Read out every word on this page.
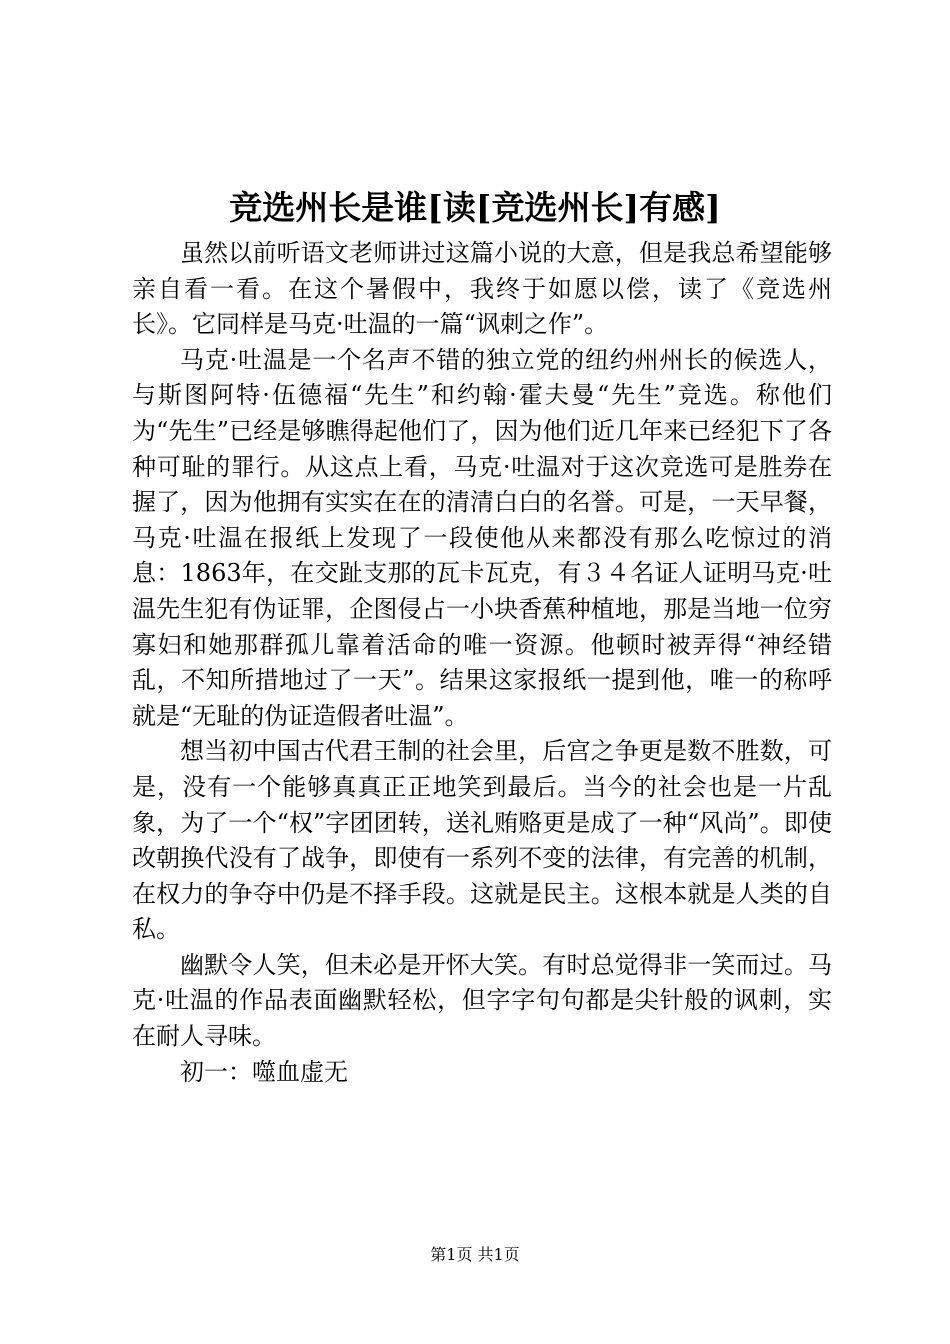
竞选州长是谁[读[竞选州长]有感]

虽然以前听语文老师讲过这篇小说的大意，但是我总希望能够亲自看一看。在这个暑假中，我终于如愿以偿，读了《竞选州长》。它同样是马克·吐温的一篇“讽刺之作”。

马克·吐温是一个名声不错的独立党的纽约州州长的候选人，与斯图阿特·伍德福“先生”和约翰·霍夫曼“先生”竞选。称他们为“先生”已经是够瞧得起他们了，因为他们近几年来已经犯下了各种可耻的罪行。从这点上看，马克·吐温对于这次竞选可是胜券在握了，因为他拥有实实在在的清清白白的名誉。可是，一天早餐，马克·吐温在报纸上发现了一段使他从来都没有那么吃惊过的消息：1863年，在交趾支那的瓦卡瓦克，有３４名证人证明马克·吐温先生犯有伪证罪，企图侵占一小块香蕉种植地，那是当地一位穷寡妇和她那群孤儿靠着活命的唯一资源。他顿时被弄得“神经错乱，不知所措地过了一天”。结果这家报纸一提到他，唯一的称呼就是“无耻的伪证造假者吐温”。

想当初中国古代君王制的社会里，后宫之争更是数不胜数，可是，没有一个能够真真正正地笑到最后。当今的社会也是一片乱象，为了一个“权”字团团转，送礼贿赂更是成了一种“风尚”。即使改朝换代没有了战争，即使有一系列不变的法律，有完善的机制，在权力的争夺中仍是不择手段。这就是民主。这根本就是人类的自私。

幽默令人笑，但未必是开怀大笑。有时总觉得非一笑而过。马克·吐温的作品表面幽默轻松，但字字句句都是尖针般的讽刺，实在耐人寻味。

初一：噬血虚无

第1页 共1页
